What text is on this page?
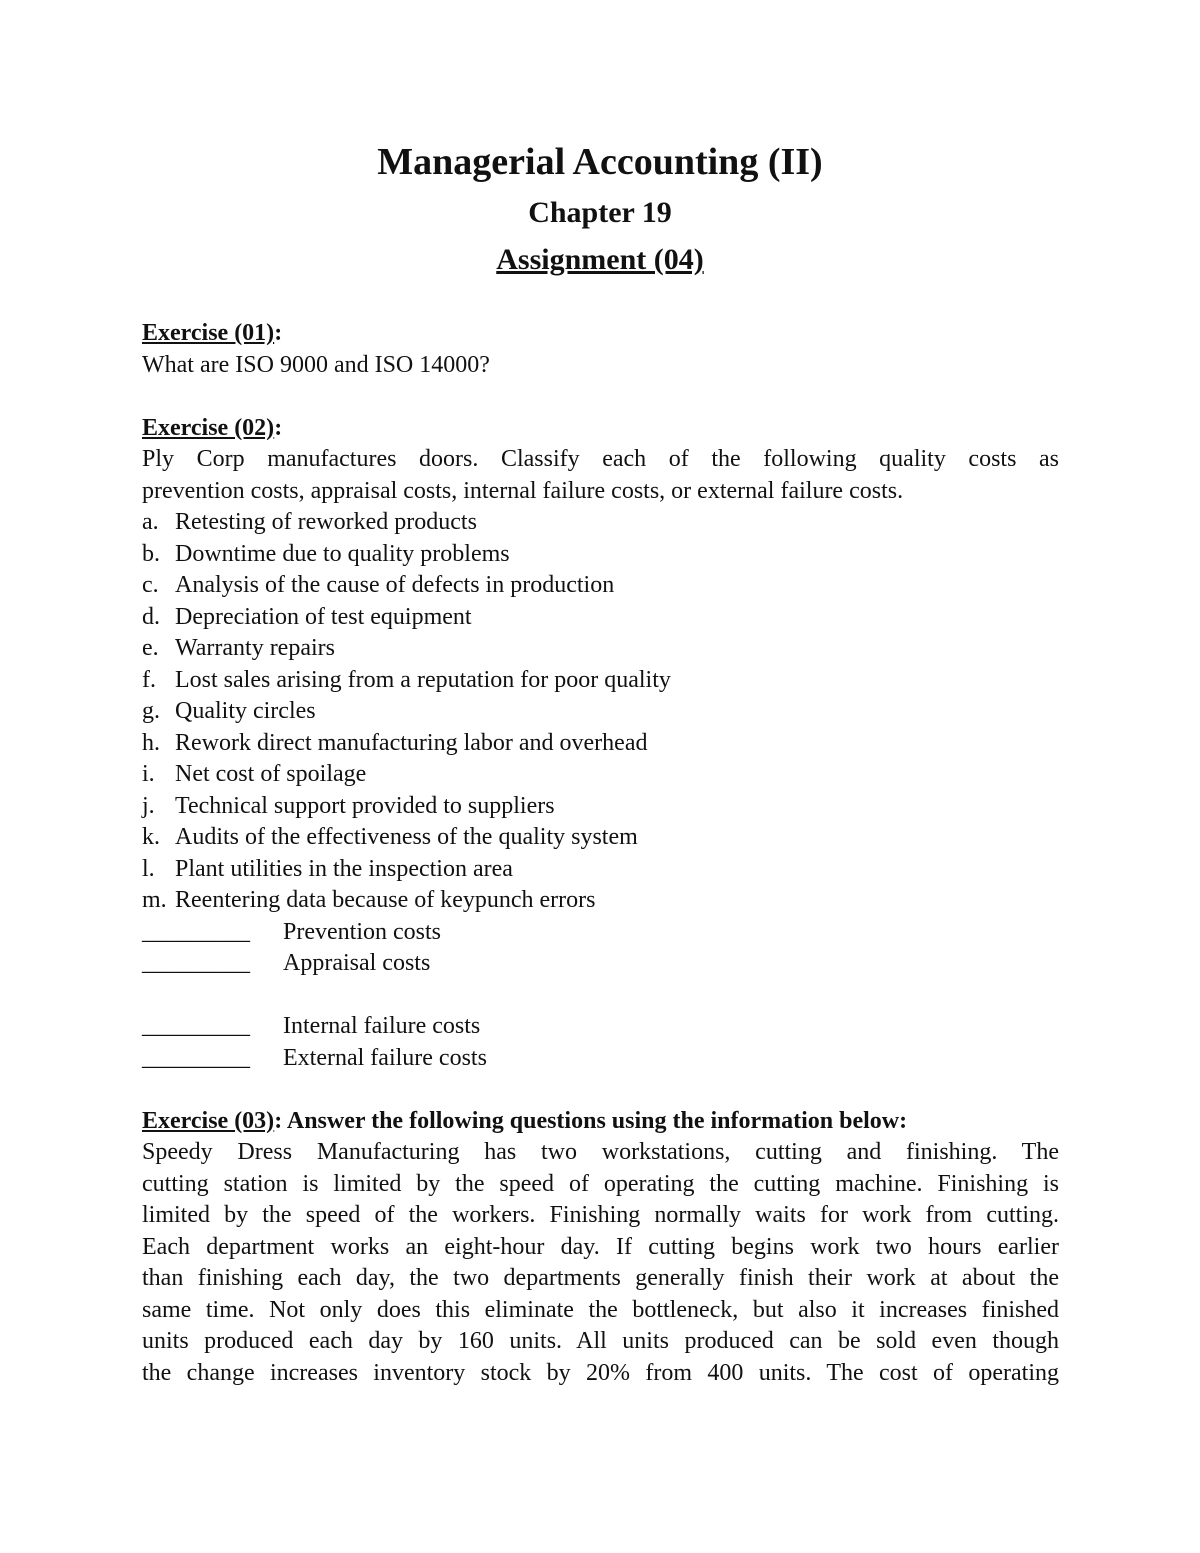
Managerial Accounting (II)
Chapter 19
Assignment (04)

Exercise (01):

What are ISO 9000 and ISO 14000?

Exercise (02):

Ply Corp manufactures doors. Classify each of the following quality costs as

prevention costs, appraisal costs, internal failure costs, or external failure costs.

a. Retesting of reworked products
b. Downtime due to quality problems
c. Analysis of the cause of defects in production
d. Depreciation of test equipment
e. Warranty repairs
f. Lost sales arising from a reputation for poor quality
g. Quality circles
h. Rework direct manufacturing labor and overhead
i. Net cost of spoilage
j. Technical support provided to suppliers
k. Audits of the effectiveness of the quality system
l. Plant utilities in the inspection area
m. Reentering data because of keypunch errors
_________	Prevention costs
_________	Appraisal costs
_________	Internal failure costs
_________	External failure costs

Exercise (03): Answer the following questions using the information below:

Speedy Dress Manufacturing has two workstations, cutting and finishing. The

cutting station is limited by the speed of operating the cutting machine. Finishing is

limited by the speed of the workers. Finishing normally waits for work from cutting.

Each department works an eight-hour day. If cutting begins work two hours earlier

than finishing each day, the two departments generally finish their work at about the

same time. Not only does this eliminate the bottleneck, but also it increases finished

units produced each day by 160 units. All units produced can be sold even though

the change increases inventory stock by 20% from 400 units. The cost of operating
